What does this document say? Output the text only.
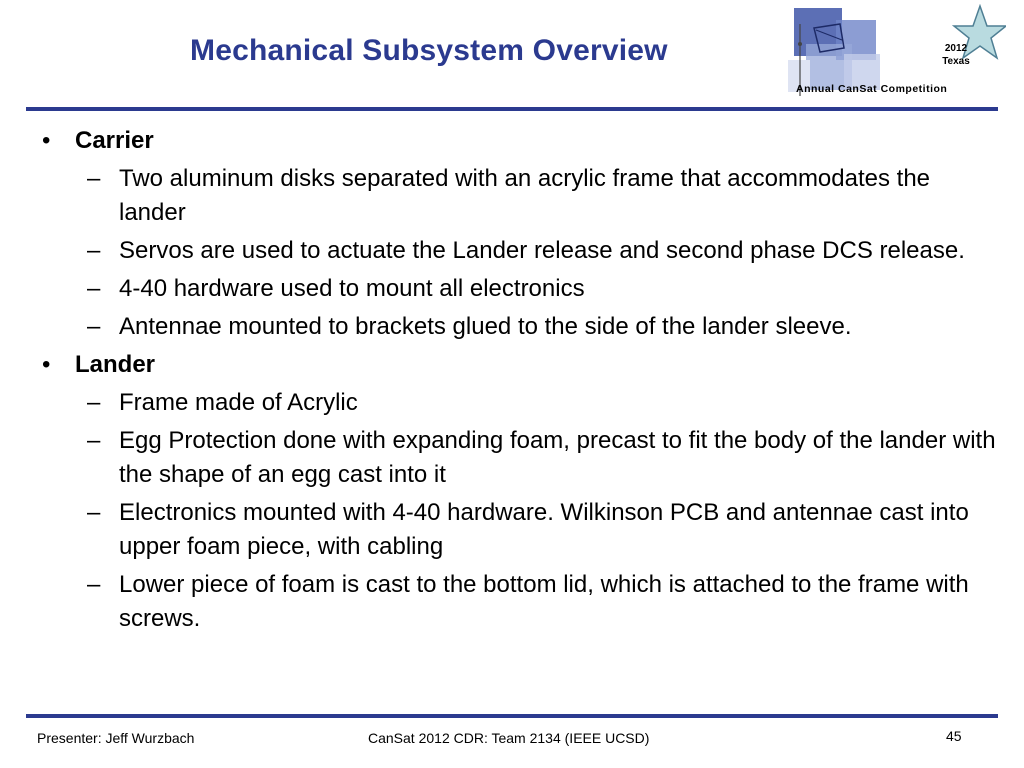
Mechanical Subsystem Overview	2012
Texas
Annual CanSat Competition
• Carrier
– Two aluminum disks separated with an acrylic frame that accommodates the lander
– Servos are used to actuate the Lander release and second phase DCS release.
– 4-40 hardware used to mount all electronics
– Antennae mounted to brackets glued to the side of the lander sleeve.
• Lander
– Frame made of Acrylic
– Egg Protection done with expanding foam, precast to fit the body of the lander with the shape of an egg cast into it
– Electronics mounted with 4-40 hardware. Wilkinson PCB and antennae cast into upper foam piece, with cabling
– Lower piece of foam is cast to the bottom lid, which is attached to the frame with screws.
Presenter: Jeff Wurzbach	CanSat 2012 CDR: Team 2134 (IEEE UCSD)	45
